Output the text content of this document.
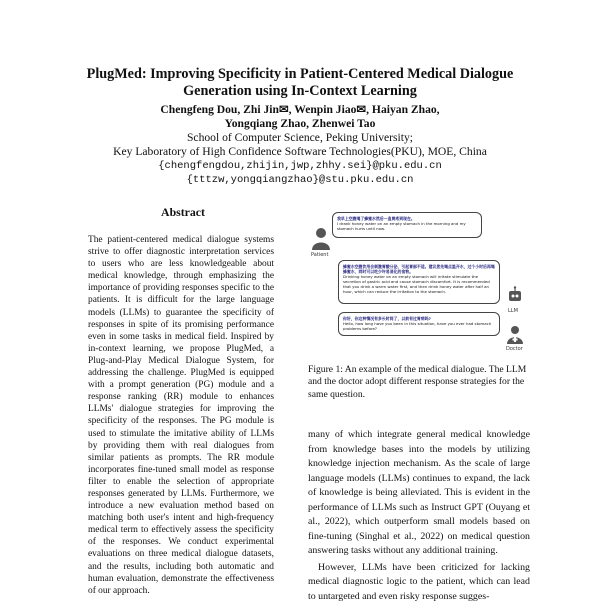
PlugMed: Improving Specificity in Patient-Centered Medical Dialogue Generation using In-Context Learning
Chengfeng Dou, Zhi Jin✉, Wenpin Jiao✉, Haiyan Zhao,
Yongqiang Zhao, Zhenwei Tao
School of Computer Science, Peking University;
Key Laboratory of High Confidence Software Technologies(PKU), MOE, China
{chengfengdou,zhijin,jwp,zhhy.sei}@pku.edu.cn
{tttzw,yongqiangzhao}@stu.pku.edu.cn
Abstract
The patient-centered medical dialogue systems strive to offer diagnostic interpretation services to users who are less knowledgeable about medical knowledge, through emphasizing the importance of providing responses specific to the patients. It is difficult for the large language models (LLMs) to guarantee the specificity of responses in spite of its promising performance even in some tasks in medical field. Inspired by in-context learning, we propose PlugMed, a Plug-and-Play Medical Dialogue System, for addressing the challenge. PlugMed is equipped with a prompt generation (PG) module and a response ranking (RR) module to enhances LLMs' dialogue strategies for improving the specificity of the responses. The PG module is used to stimulate the imitative ability of LLMs by providing them with real dialogues from similar patients as prompts. The RR module incorporates fine-tuned small model as response filter to enable the selection of appropriate responses generated by LLMs. Furthermore, we introduce a new evaluation method based on matching both user's intent and high-frequency medical term to effectively assess the specificity of the responses. We conduct experimental evaluations on three medical dialogue datasets, and the results, including both automatic and human evaluation, demonstrate the effectiveness of our approach.
Patient
我早上空腹喝了蜂蜜水然后一直胃疼到现在。
I drank honey water on an empty stomach in the morning and my stomach hurts until now.
蜂蜜水空腹饮用会刺激胃酸分泌，引起胃部不适。建议您先喝点温开水，过个小时后再喝蜂蜜水，同时可以吃少许易消化的食物。
Drinking honey water on an empty stomach will irritate stimulate the secretion of gastric acid and cause stomach discomfort. It is recommended that you drink a warm water first, and then drink honey water after half an hour, which can reduce the irritation to the stomach.
LLM
你好，你这种情况有多长时间了，以前有过胃病吗?
Hello, how long have you been in this situation, have you ever had stomach problems before?
Doctor
Figure 1: An example of the medical dialogue. The LLM and the doctor adopt different response strategies for the same question.

many of which integrate general medical knowledge from knowledge bases into the models by utilizing knowledge injection mechanism. As the scale of large language models (LLMs) continues to expand, the lack of knowledge is being alleviated. This is evident in the performance of LLMs such as Instruct GPT (Ouyang et al., 2022), which outperform small models based on fine-tuning (Singhal et al., 2022) on medical question answering tasks without any additional training.

However, LLMs have been criticized for lacking medical diagnostic logic to the patient, which can lead to untargeted and even risky response sugges-
